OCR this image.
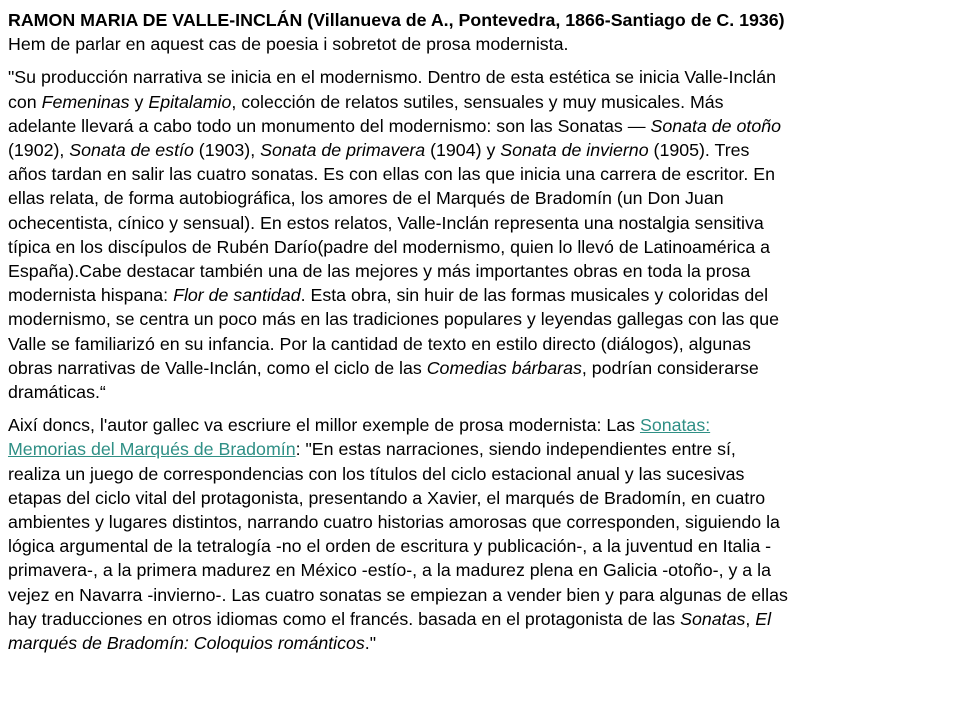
RAMON MARIA DE VALLE-INCLÁN (Villanueva de A., Pontevedra, 1866-Santiago de C. 1936)
Hem de parlar en aquest cas de poesia i sobretot de prosa modernista.
"Su producción narrativa se inicia en el modernismo. Dentro de esta estética se inicia Valle-Inclán
con Femeninas y Epitalamio, colección de relatos sutiles, sensuales y muy musicales. Más
adelante llevará a cabo todo un monumento del modernismo: son las Sonatas — Sonata de otoño
(1902), Sonata de estío (1903), Sonata de primavera (1904) y Sonata de invierno (1905). Tres
años tardan en salir las cuatro sonatas. Es con ellas con las que inicia una carrera de escritor. En
ellas relata, de forma autobiográfica, los amores de el Marqués de Bradomín (un Don Juan
ochecentista, cínico y sensual). En estos relatos, Valle-Inclán representa una nostalgia sensitiva
típica en los discípulos de Rubén Darío(padre del modernismo, quien lo llevó de Latinoamérica a
España).Cabe destacar también una de las mejores y más importantes obras en toda la prosa
modernista hispana: Flor de santidad. Esta obra, sin huir de las formas musicales y coloridas del
modernismo, se centra un poco más en las tradiciones populares y leyendas gallegas con las que
Valle se familiarizó en su infancia. Por la cantidad de texto en estilo directo (diálogos), algunas
obras narrativas de Valle-Inclán, como el ciclo de las Comedias bárbaras, podrían considerarse
dramáticas.“
Així doncs, l'autor gallec va escriure el millor exemple de prosa modernista: Las Sonatas:
Memorias del Marqués de Bradomín: "En estas narraciones, siendo independientes entre sí,
realiza un juego de correspondencias con los títulos del ciclo estacional anual y las sucesivas
etapas del ciclo vital del protagonista, presentando a Xavier, el marqués de Bradomín, en cuatro
ambientes y lugares distintos, narrando cuatro historias amorosas que corresponden, siguiendo la
lógica argumental de la tetralogía -no el orden de escritura y publicación-, a la juventud en Italia -
primavera-, a la primera madurez en México -estío-, a la madurez plena en Galicia -otoño-, y a la
vejez en Navarra -invierno-. Las cuatro sonatas se empiezan a vender bien y para algunas de ellas
hay traducciones en otros idiomas como el francés. basada en el protagonista de las Sonatas, El
marqués de Bradomín: Coloquios románticos."
